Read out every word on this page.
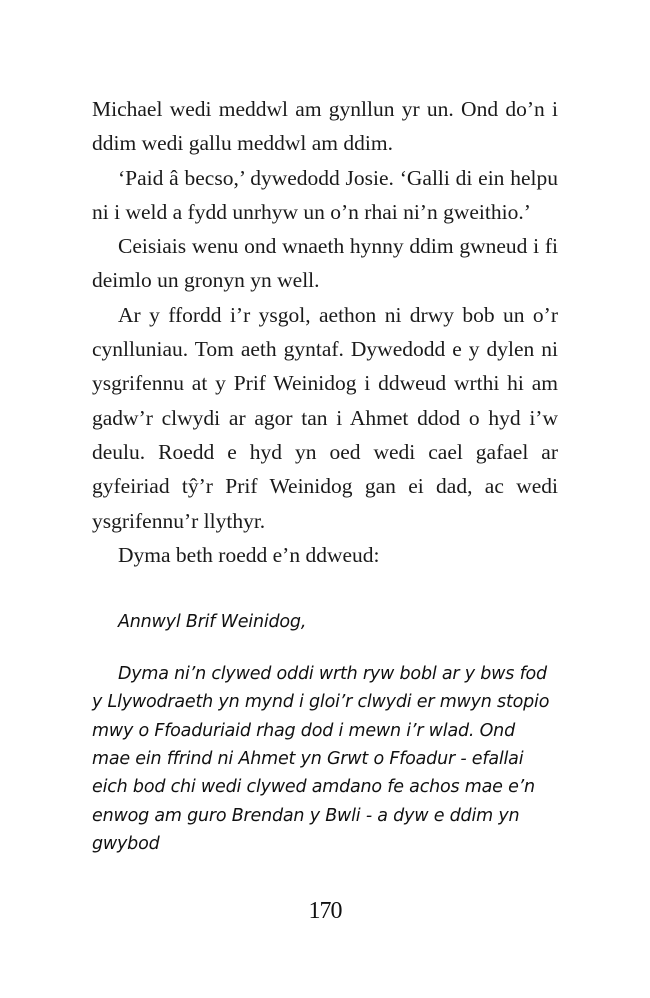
Michael wedi meddwl am gynllun yr un. Ond do’n i ddim wedi gallu meddwl am ddim.

‘Paid â becso,’ dywedodd Josie. ‘Galli di ein helpu ni i weld a fydd unrhyw un o’n rhai ni’n gweithio.’

Ceisiais wenu ond wnaeth hynny ddim gwneud i fi deimlo un gronyn yn well.

Ar y ffordd i’r ysgol, aethon ni drwy bob un o’r cynlluniau. Tom aeth gyntaf. Dywedodd e y dylen ni ysgrifennu at y Prif Weinidog i ddweud wrthi hi am gadw’r clwydi ar agor tan i Ahmet ddod o hyd i’w deulu. Roedd e hyd yn oed wedi cael gafael ar gyfeiriad tŷ’r Prif Weinidog gan ei dad, ac wedi ysgrifennu’r llythyr.

Dyma beth roedd e’n ddweud:

Annwyl Brif Weinidog,

Dyma ni’n clywed oddi wrth ryw bobl ar y bws fod y Llywodraeth yn mynd i gloi’r clwydi er mwyn stopio mwy o Ffoaduriaid rhag dod i mewn i’r wlad. Ond mae ein ffrind ni Ahmet yn Grwt o Ffoadur - efallai eich bod chi wedi clywed amdano fe achos mae e’n enwog am guro Brendan y Bwli - a dyw e ddim yn gwybod

170
